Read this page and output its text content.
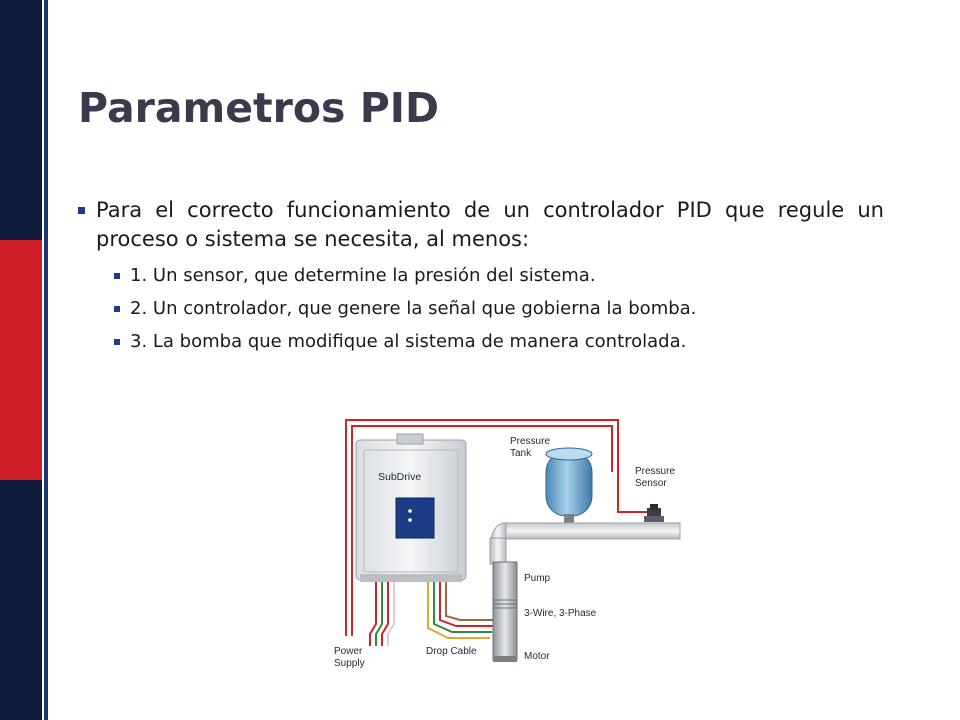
Parametros PID
Para el correcto funcionamiento de un controlador PID que regule un proceso o sistema se necesita, al menos:
1. Un sensor, que determine la presión del sistema.
2. Un controlador, que genere la señal que gobierna la bomba.
3. La bomba que modifique al sistema de manera controlada.
SubDrive
Pressure
Tank
Pressure
Sensor
Pump
3-Wire, 3-Phase
Power
Supply
Drop Cable	Motor
